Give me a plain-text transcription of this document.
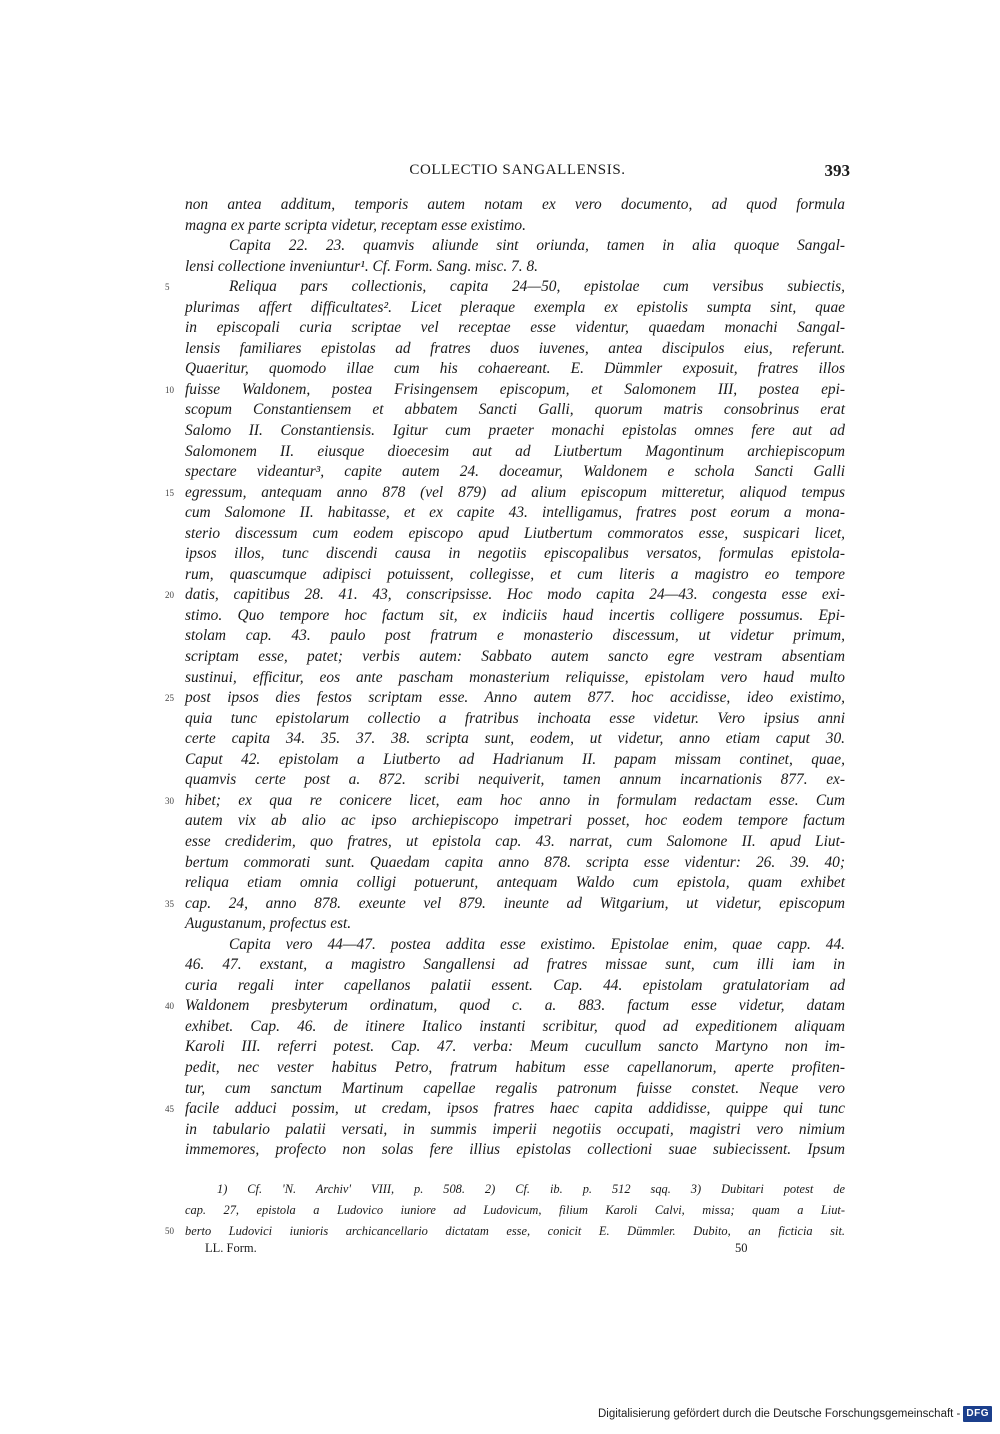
COLLECTIO SANGALLENSIS.	393
non antea additum, temporis autem notam ex vero documento, ad quod formula
magna ex parte scripta videtur, receptam esse existimo.
Capita 22. 23. quamvis aliunde sint oriunda, tamen in alia quoque Sangal-
lensi collectione inveniuntur¹. Cf. Form. Sang. misc. 7. 8.
5	Reliqua pars collectionis, capita 24—50, epistolae cum versibus subiectis,
plurimas affert difficultates². Licet pleraque exempla ex epistolis sumpta sint, quae
in episcopali curia scriptae vel receptae esse videntur, quaedam monachi Sangal-
lensis familiares epistolas ad fratres duos iuvenes, antea discipulos eius, referunt.
Quaeritur, quomodo illae cum his cohaereant. E. Dümmler exposuit, fratres illos
10 fuisse Waldonem, postea Frisingensem episcopum, et Salomonem III, postea epi-
scopum Constantiensem et abbatem Sancti Galli, quorum matris consobrinus erat
Salomo II. Constantiensis. Igitur cum praeter monachi epistolas omnes fere aut ad
Salomonem II. eiusque dioecesim aut ad Liutbertum Magontinum archiepiscopum
spectare videantur³, capite autem 24. doceamur, Waldonem e schola Sancti Galli
15 egressum, antequam anno 878 (vel 879) ad alium episcopum mitteretur, aliquod tempus
cum Salomone II. habitasse, et ex capite 43. intelligamus, fratres post eorum a mona-
sterio discessum cum eodem episcopo apud Liutbertum commoratos esse, suspicari licet,
ipsos illos, tunc discendi causa in negotiis episcopalibus versatos, formulas epistola-
rum, quascumque adipisci potuissent, collegisse, et cum literis a magistro eo tempore
20 datis, capitibus 28. 41. 43, conscripsisse. Hoc modo capita 24—43. congesta esse exi-
stimo. Quo tempore hoc factum sit, ex indiciis haud incertis colligere possumus. Epi-
stolam cap. 43. paulo post fratrum e monasterio discessum, ut videtur primum,
scriptam esse, patet; verbis autem: Sabbato autem sancto egre vestram absentiam
sustinui, efficitur, eos ante pascham monasterium reliquisse, epistolam vero haud multo
25 post ipsos dies festos scriptam esse. Anno autem 877. hoc accidisse, ideo existimo,
quia tunc epistolarum collectio a fratribus inchoata esse videtur. Vero ipsius anni
certe capita 34. 35. 37. 38. scripta sunt, eodem, ut videtur, anno etiam caput 30.
Caput 42. epistolam a Liutberto ad Hadrianum II. papam missam continet, quae,
quamvis certe post a. 872. scribi nequiverit, tamen annum incarnationis 877. ex-
30 hibet; ex qua re conicere licet, eam hoc anno in formulam redactam esse. Cum
autem vix ab alio ac ipso archiepiscopo impetrari posset, hoc eodem tempore factum
esse crediderim, quo fratres, ut epistola cap. 43. narrat, cum Salomone II. apud Liut-
bertum commorati sunt. Quaedam capita anno 878. scripta esse videntur: 26. 39. 40;
reliqua etiam omnia colligi potuerunt, antequam Waldo cum epistola, quam exhibet
35 cap. 24, anno 878. exeunte vel 879. ineunte ad Witgarium, ut videtur, episcopum
Augustanum, profectus est.
Capita vero 44—47. postea addita esse existimo. Epistolae enim, quae capp. 44.
46. 47. exstant, a magistro Sangallensi ad fratres missae sunt, cum illi iam in
curia regali inter capellanos palatii essent. Cap. 44. epistolam gratulatoriam ad
40 Waldonem presbyterum ordinatum, quod c. a. 883. factum esse videtur, datam
exhibet. Cap. 46. de itinere Italico instanti scribitur, quod ad expeditionem aliquam
Karoli III. referri potest. Cap. 47. verba: Meum cucullum sancto Martyno non im-
pedit, nec vester habitus Petro, fratrum habitum esse capellanorum, aperte profiten-
tur, cum sanctum Martinum capellae regalis patronum fuisse constet. Neque vero
45 facile adduci possim, ut credam, ipsos fratres haec capita addidisse, quippe qui tunc
in tabulario palatii versati, in summis imperii negotiis occupati, magistri vero nimium
immemores, profecto non solas fere illius epistolas collectioni suae subiecissent. Ipsum
1) Cf. 'N. Archiv' VIII, p. 508. 2) Cf. ib. p. 512 sqq. 3) Dubitari potest de
cap. 27, epistola a Ludovico iuniore ad Ludovicum, filium Karoli Calvi, missa; quam a Liut-
50 berto Ludovici iunioris archicancellario dictatam esse, conicit E. Dümmler. Dubito, an ficticia sit.
LL. Form.	50
Digitalisierung gefördert durch die Deutsche Forschungsgemeinschaft - DFG
